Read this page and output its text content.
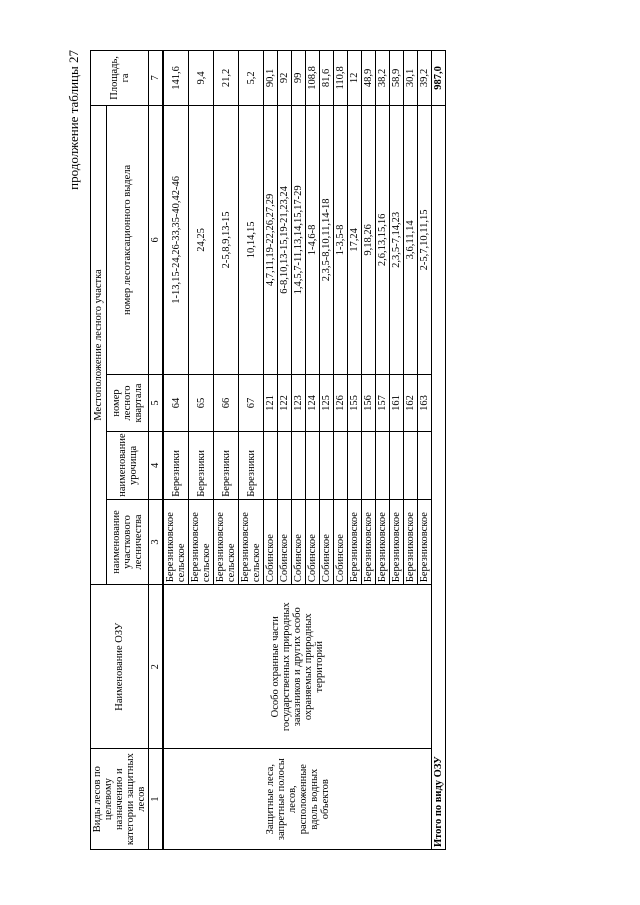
продолжение таблицы 27
Виды лесов по целевому назначению и категории защитных лесов	Наименование ОЗУ	Местоположение лесного участка				Площадь, га
		наименование участкового лесничества	наименование урочища	номер лесного квартала	номер лесотаксационного выдела	
1	2	3	4	5	6	7
Защитные леса, запретные полосы лесов, расположенные вдоль водных объектов	Особо охранные части государственных природных заказников и других особо охраняемых природных территорий	Березниковское сельское	Березники	64	1-13,15-24,26-33,35-40,42-46	141,6
		Березниковское сельское	Березники	65	24,25	9,4
		Березниковское сельское	Березники	66	2-5,8,9,13-15	21,2
		Березниковское сельское	Березники	67	10,14,15	5,2
		Собинское		121	4,7,11,19-22,26,27,29	90,1
		Собинское		122	6-8,10,13-15,19-21,23,24	92
		Собинское		123	1,4,5,7-11,13,14,15,17-29	99
		Собинское		124	1-4,6-8	108,8
		Собинское		125	2,3,5-8,10,11,14-18	81,6
		Собинское		126	1-3,5-8	110,8
		Березниковское		155	17,24	12
		Березниковское		156	9,18,26	48,9
		Березниковское		157	2,6,13,15,16	38,2
		Березниковское		161	2,3,5-7,14,23	58,9
		Березниковское		162	3,6,11,14	30,1
		Березниковское		163	2-5,7,10,11,15	39,2
Итого по виду ОЗУ						987,0
